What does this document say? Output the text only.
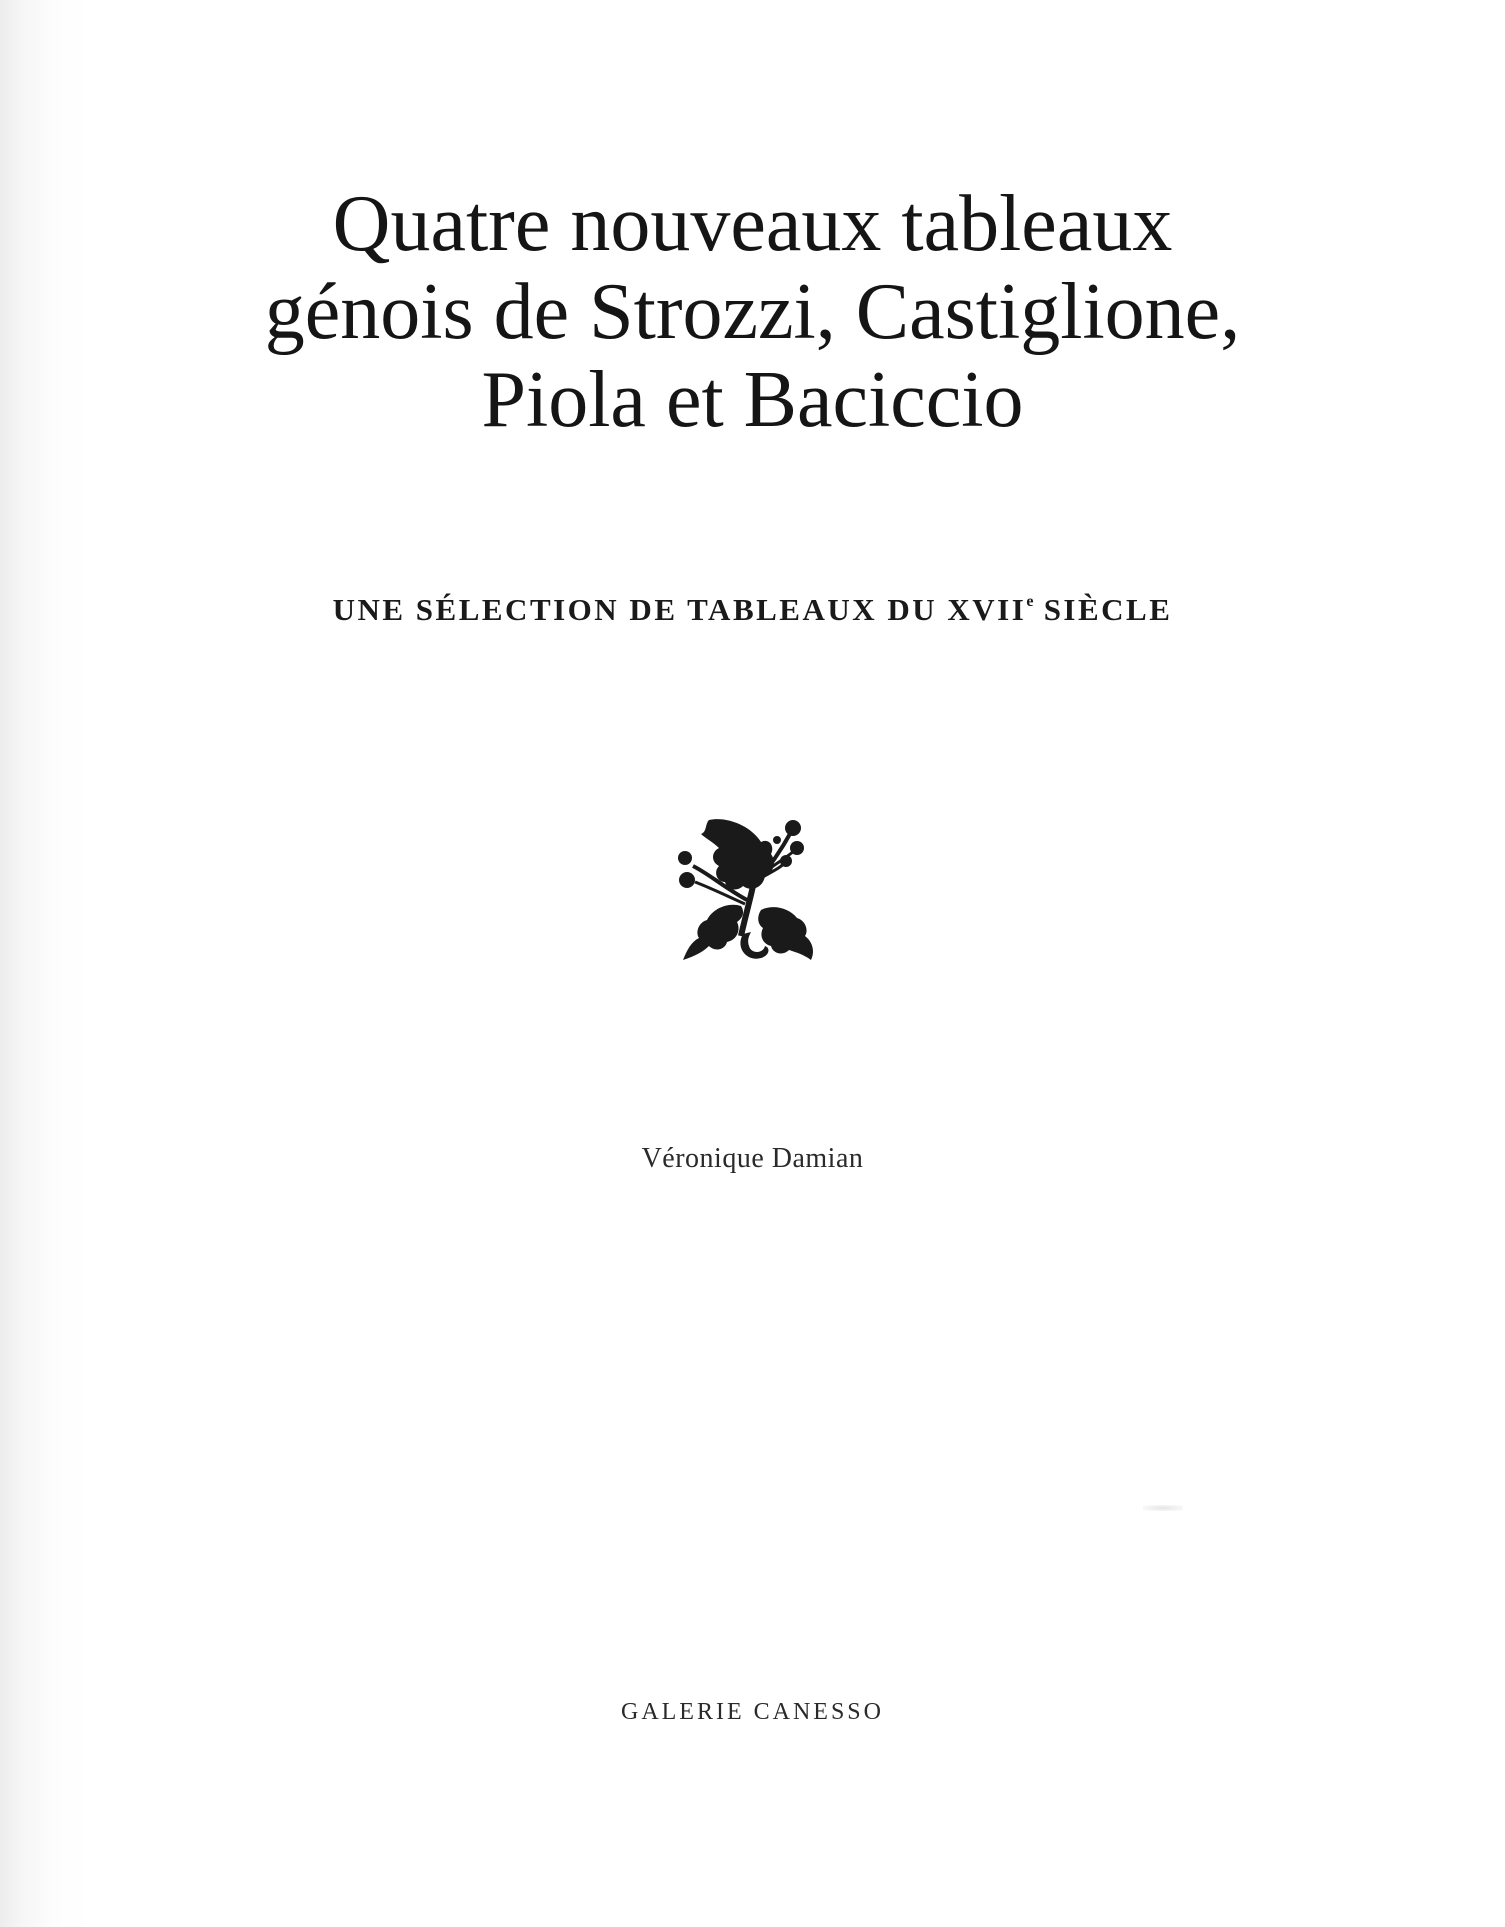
Quatre nouveaux tableaux
génois de Strozzi, Castiglione,
Piola et Baciccio

UNE SÉLECTION DE TABLEAUX DU XVIIe SIÈCLE

Véronique Damian

GALERIE CANESSO
